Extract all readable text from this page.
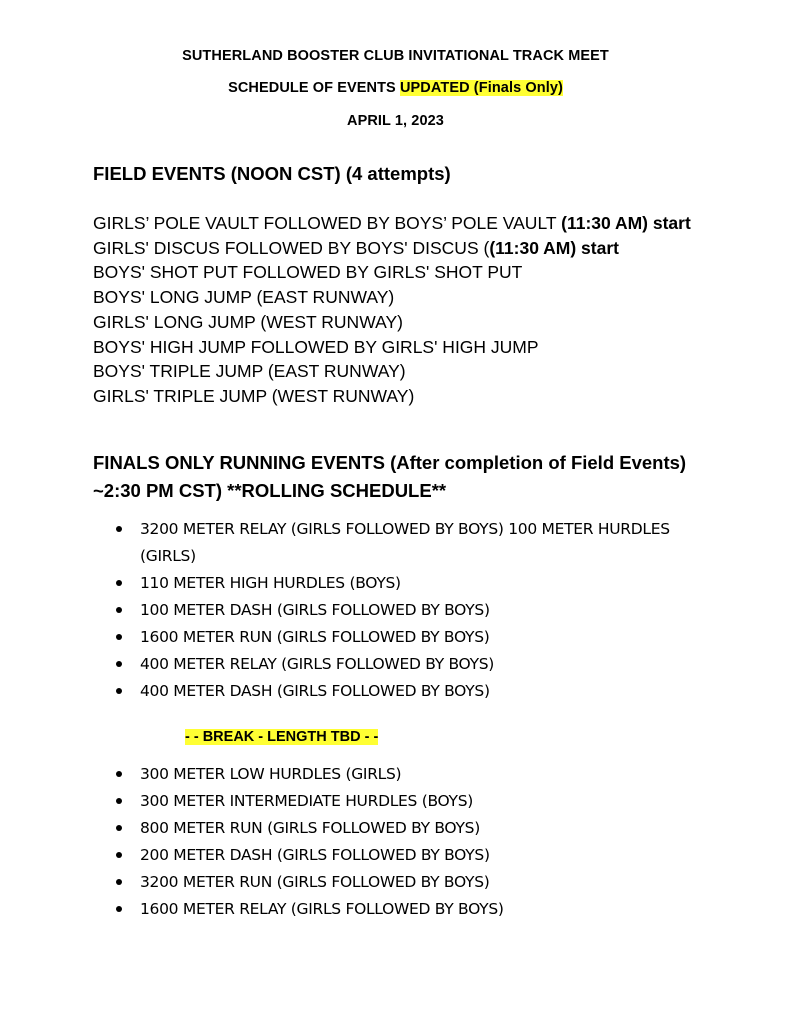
SUTHERLAND BOOSTER CLUB INVITATIONAL TRACK MEET
SCHEDULE OF EVENTS UPDATED (Finals Only)
APRIL 1, 2023
FIELD EVENTS (NOON CST) (4 attempts)
GIRLS’ POLE VAULT FOLLOWED BY BOYS’ POLE VAULT (11:30 AM) start
GIRLS' DISCUS FOLLOWED BY BOYS' DISCUS ((11:30 AM) start
BOYS' SHOT PUT FOLLOWED BY GIRLS' SHOT PUT
BOYS' LONG JUMP (EAST RUNWAY)
GIRLS' LONG JUMP (WEST RUNWAY)
BOYS' HIGH JUMP FOLLOWED BY GIRLS' HIGH JUMP
BOYS' TRIPLE JUMP (EAST RUNWAY)
GIRLS' TRIPLE JUMP (WEST RUNWAY)
FINALS ONLY RUNNING EVENTS (After completion of Field Events)
~2:30 PM CST) **ROLLING SCHEDULE**
3200 METER RELAY (GIRLS FOLLOWED BY BOYS) 100 METER HURDLES (GIRLS)
110 METER HIGH HURDLES (BOYS)
100 METER DASH (GIRLS FOLLOWED BY BOYS)
1600 METER RUN (GIRLS FOLLOWED BY BOYS)
400 METER RELAY (GIRLS FOLLOWED BY BOYS)
400 METER DASH (GIRLS FOLLOWED BY BOYS)
- - BREAK - LENGTH TBD - -
300 METER LOW HURDLES (GIRLS)
300 METER INTERMEDIATE HURDLES (BOYS)
800 METER RUN (GIRLS FOLLOWED BY BOYS)
200 METER DASH (GIRLS FOLLOWED BY BOYS)
3200 METER RUN (GIRLS FOLLOWED BY BOYS)
1600 METER RELAY (GIRLS FOLLOWED BY BOYS)
